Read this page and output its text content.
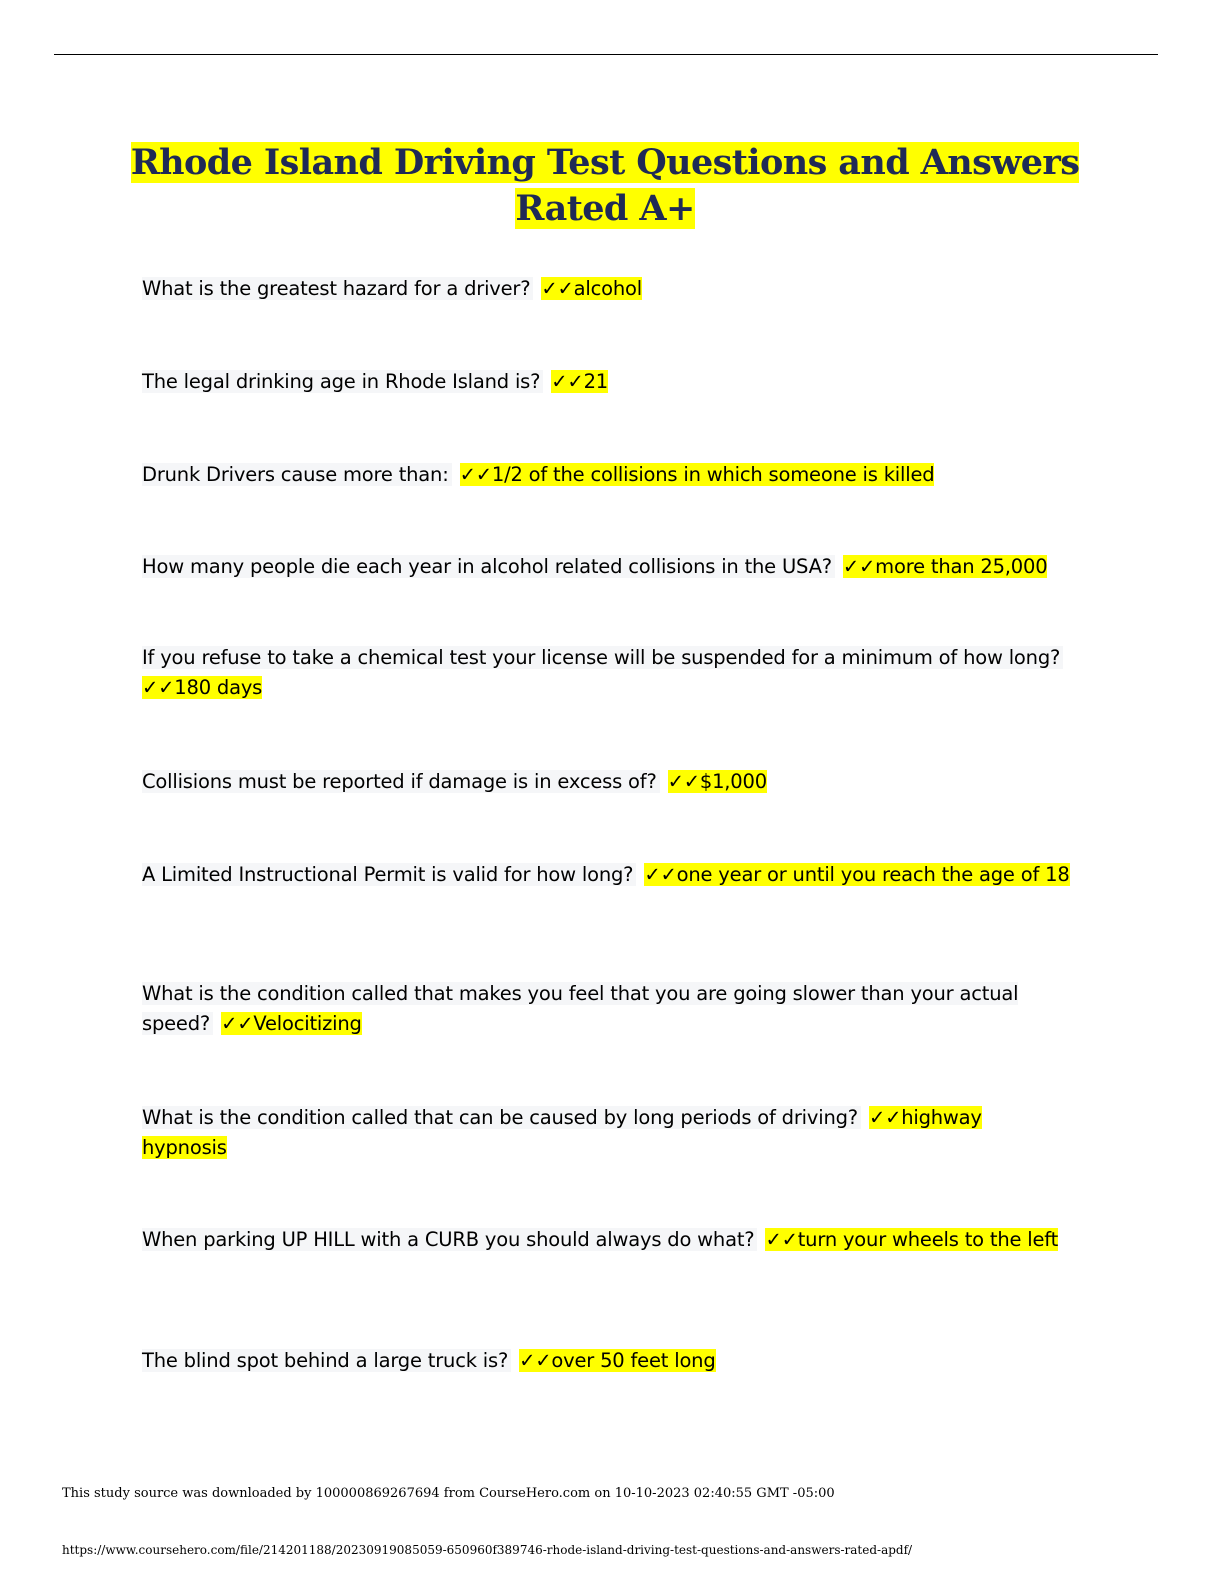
Rhode Island Driving Test Questions and Answers Rated A+
What is the greatest hazard for a driver? ✓✓alcohol
The legal drinking age in Rhode Island is? ✓✓21
Drunk Drivers cause more than: ✓✓1/2 of the collisions in which someone is killed
How many people die each year in alcohol related collisions in the USA? ✓✓more than 25,000
If you refuse to take a chemical test your license will be suspended for a minimum of how long?
✓✓180 days
Collisions must be reported if damage is in excess of? ✓✓$1,000
A Limited Instructional Permit is valid for how long? ✓✓one year or until you reach the age of 18
What is the condition called that makes you feel that you are going slower than your actual speed? ✓✓Velocitizing
What is the condition called that can be caused by long periods of driving? ✓✓highway hypnosis
When parking UP HILL with a CURB you should always do what? ✓✓turn your wheels to the left
The blind spot behind a large truck is? ✓✓over 50 feet long
This study source was downloaded by 100000869267694 from CourseHero.com on 10-10-2023 02:40:55 GMT -05:00
https://www.coursehero.com/file/214201188/20230919085059-650960f389746-rhode-island-driving-test-questions-and-answers-rated-apdf/
